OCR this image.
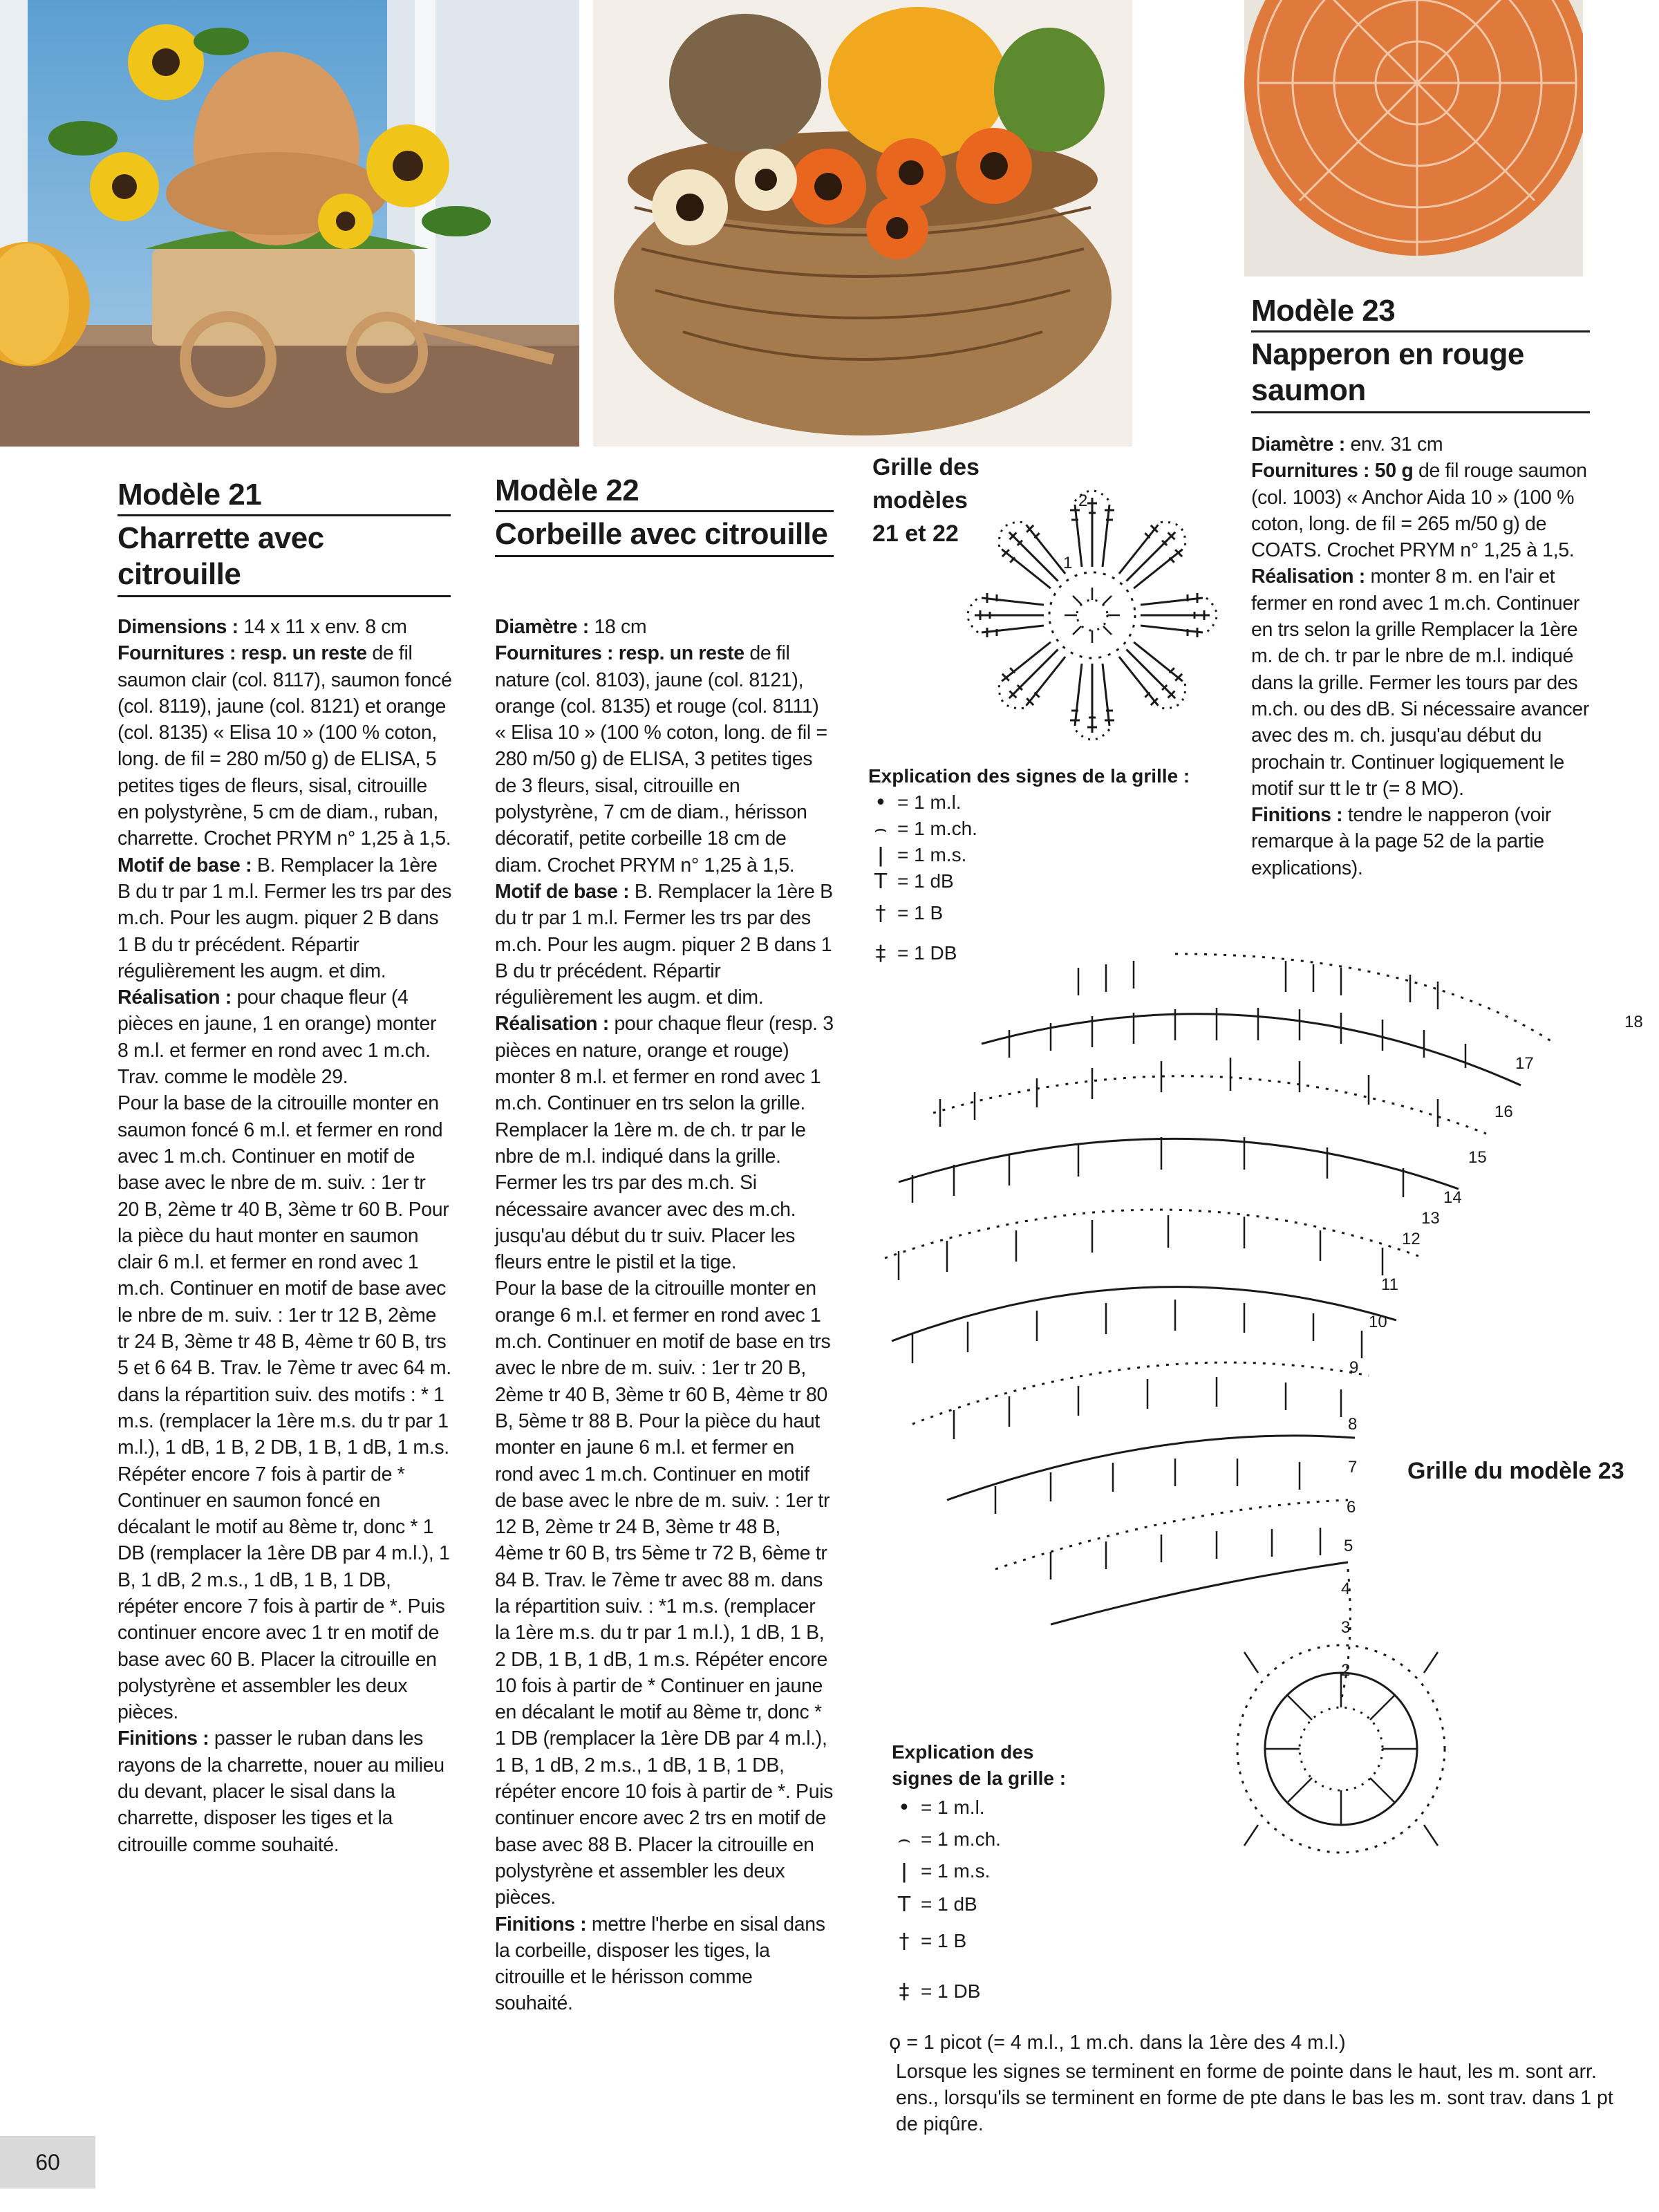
Modèle 21
Charrette avec citrouille

Dimensions : 14 x 11 x env. 8 cm

Fournitures : resp. un reste de fil saumon clair (col. 8117), saumon foncé (col. 8119), jaune (col. 8121) et orange (col. 8135) « Elisa 10 » (100 % coton, long. de fil = 280 m/50 g) de ELISA, 5 petites tiges de fleurs, sisal, citrouille en polystyrène, 5 cm de diam., ruban, charrette. Crochet PRYM n° 1,25 à 1,5.

Motif de base : B. Remplacer la 1ère B du tr par 1 m.l. Fermer les trs par des m.ch. Pour les augm. piquer 2 B dans 1 B du tr précédent. Répartir régulièrement les augm. et dim.

Réalisation : pour chaque fleur (4 pièces en jaune, 1 en orange) monter 8 m.l. et fermer en rond avec 1 m.ch. Trav. comme le modèle 29.

Pour la base de la citrouille monter en saumon foncé 6 m.l. et fermer en rond avec 1 m.ch. Continuer en motif de base avec le nbre de m. suiv. : 1er tr 20 B, 2ème tr 40 B, 3ème tr 60 B. Pour la pièce du haut monter en saumon clair 6 m.l. et fermer en rond avec 1 m.ch. Continuer en motif de base avec le nbre de m. suiv. : 1er tr 12 B, 2ème tr 24 B, 3ème tr 48 B, 4ème tr 60 B, trs 5 et 6 64 B. Trav. le 7ème tr avec 64 m. dans la répartition suiv. des motifs : * 1 m.s. (remplacer la 1ère m.s. du tr par 1 m.l.), 1 dB, 1 B, 2 DB, 1 B, 1 dB, 1 m.s. Répéter encore 7 fois à partir de * Continuer en saumon foncé en décalant le motif au 8ème tr, donc * 1 DB (remplacer la 1ère DB par 4 m.l.), 1 B, 1 dB, 2 m.s., 1 dB, 1 B, 1 DB, répéter encore 7 fois à partir de *. Puis continuer encore avec 1 tr en motif de base avec 60 B. Placer la citrouille en polystyrène et assembler les deux pièces.

Finitions : passer le ruban dans les rayons de la charrette, nouer au milieu du devant, placer le sisal dans la charrette, disposer les tiges et la citrouille comme souhaité.

Modèle 22
Corbeille avec citrouille

Diamètre : 18 cm

Fournitures : resp. un reste de fil nature (col. 8103), jaune (col. 8121), orange (col. 8135) et rouge (col. 8111) « Elisa 10 » (100 % coton, long. de fil = 280 m/50 g) de ELISA, 3 petites tiges de 3 fleurs, sisal, citrouille en polystyrène, 7 cm de diam., hérisson décoratif, petite corbeille 18 cm de diam. Crochet PRYM n° 1,25 à 1,5.

Motif de base : B. Remplacer la 1ère B du tr par 1 m.l. Fermer les trs par des m.ch. Pour les augm. piquer 2 B dans 1 B du tr précédent. Répartir régulièrement les augm. et dim.

Réalisation : pour chaque fleur (resp. 3 pièces en nature, orange et rouge) monter 8 m.l. et fermer en rond avec 1 m.ch. Continuer en trs selon la grille. Remplacer la 1ère m. de ch. tr par le nbre de m.l. indiqué dans la grille. Fermer les trs par des m.ch. Si nécessaire avancer avec des m.ch. jusqu'au début du tr suiv. Placer les fleurs entre le pistil et la tige.

Pour la base de la citrouille monter en orange 6 m.l. et fermer en rond avec 1 m.ch. Continuer en motif de base en trs avec le nbre de m. suiv. : 1er tr 20 B, 2ème tr 40 B, 3ème tr 60 B, 4ème tr 80 B, 5ème tr 88 B. Pour la pièce du haut monter en jaune 6 m.l. et fermer en rond avec 1 m.ch. Continuer en motif de base avec le nbre de m. suiv. : 1er tr 12 B, 2ème tr 24 B, 3ème tr 48 B, 4ème tr 60 B, trs 5ème tr 72 B, 6ème tr 84 B. Trav. le 7ème tr avec 88 m. dans la répartition suiv. : *1 m.s. (remplacer la 1ère m.s. du tr par 1 m.l.), 1 dB, 1 B, 2 DB, 1 B, 1 dB, 1 m.s. Répéter encore 10 fois à partir de * Continuer en jaune en décalant le motif au 8ème tr, donc * 1 DB (remplacer la 1ère DB par 4 m.l.), 1 B, 1 dB, 2 m.s., 1 dB, 1 B, 1 DB, répéter encore 10 fois à partir de *. Puis continuer encore avec 2 trs en motif de base avec 88 B. Placer la citrouille en polystyrène et assembler les deux pièces.

Finitions : mettre l'herbe en sisal dans la corbeille, disposer les tiges, la citrouille et le hérisson comme souhaité.

Modèle 23
Napperon en rouge saumon

Diamètre : env. 31 cm

Fournitures : 50 g de fil rouge saumon (col. 1003) « Anchor Aida 10 » (100 % coton, long. de fil = 265 m/50 g) de COATS. Crochet PRYM n° 1,25 à 1,5.

Réalisation : monter 8 m. en l'air et fermer en rond avec 1 m.ch. Continuer en trs selon la grille Remplacer la 1ère m. de ch. tr par le nbre de m.l. indiqué dans la grille. Fermer les tours par des m.ch. ou des dB. Si nécessaire avancer avec des m. ch. jusqu'au début du prochain tr. Continuer logiquement le motif sur tt le tr (= 8 MO).

Finitions : tendre le napperon (voir remarque à la page 52 de la partie explications).

Grille des modèles 21 et 22
1
2
Explication des signes de la grille :
• = 1 m.l.
⌢ = 1 m.ch.
ǀ = 1 m.s.
T = 1 dB
† = 1 B
‡ = 1 DB
2
3
4
5
6
7
8
9
10
11
12
13
14
15
16
17
18
Grille du modèle 23
Explication des signes de la grille :
• = 1 m.l.
⌢ = 1 m.ch.
ǀ = 1 m.s.
T = 1 dB
† = 1 B
‡ = 1 DB
ϙ = 1 picot (= 4 m.l., 1 m.ch. dans la 1ère des 4 m.l.)
Lorsque les signes se terminent en forme de pointe dans le haut, les m. sont arr. ens., lorsqu'ils se terminent en forme de pte dans le bas les m. sont trav. dans 1 pt de piqûre.
60
